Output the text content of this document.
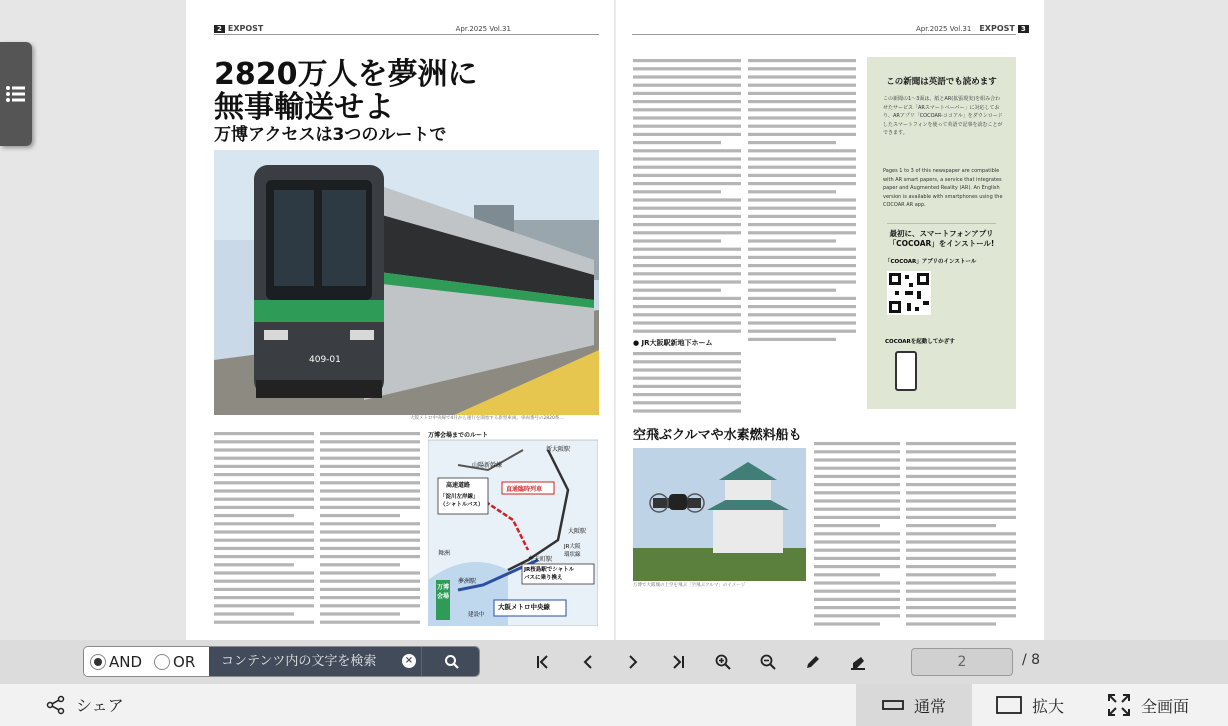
2 EXPOST	Apr.2025 Vol.31
2820万人を夢洲に
無事輸送せよ
万博アクセスは3つのルートで
409-01
大阪メトロ中央線で4月から運行を開始する新型車両。車両番号の2820系…
万博会場までのルート
山陽新幹線
新大阪駅
高速道路
「淀川左岸線」
（シャトルバス）
直通臨時列車
大阪駅
JR大阪
環状線
弁天町駅
舞洲
夢洲駅
JR桜島駅でシャトル
バスに乗り換え
万博
会場
大阪メトロ中央線
建設中
Apr.2025 Vol.31 EXPOST 3
● JR大阪駅新地下ホーム
空飛ぶクルマや水素燃料船も
万博で大阪城の上空を飛ぶ「空飛ぶクルマ」のイメージ
この新聞は英語でも読めます
この新聞の1〜3面は、紙とAR(拡張現実)を組み合わせたサービス「ARスマートペーパー」に対応しており、ARアプリ「COCOAR-ココアル」をダウンロードしたスマートフォンを使って英語で記事を読むことができます。
Pages 1 to 3 of this newspaper are compatible with AR smart papers, a service that integrates paper and Augmented Reality (AR). An English version is available with smartphones using the COCOAR AR app.
最初に、スマートフォンアプリ
「COCOAR」をインストール!
「COCOAR」アプリのインストール
COCOARを起動してかざす
AND OR
コンテンツ内の文字を検索	×	2	/ 8
シェア	通常	拡大	全画面
